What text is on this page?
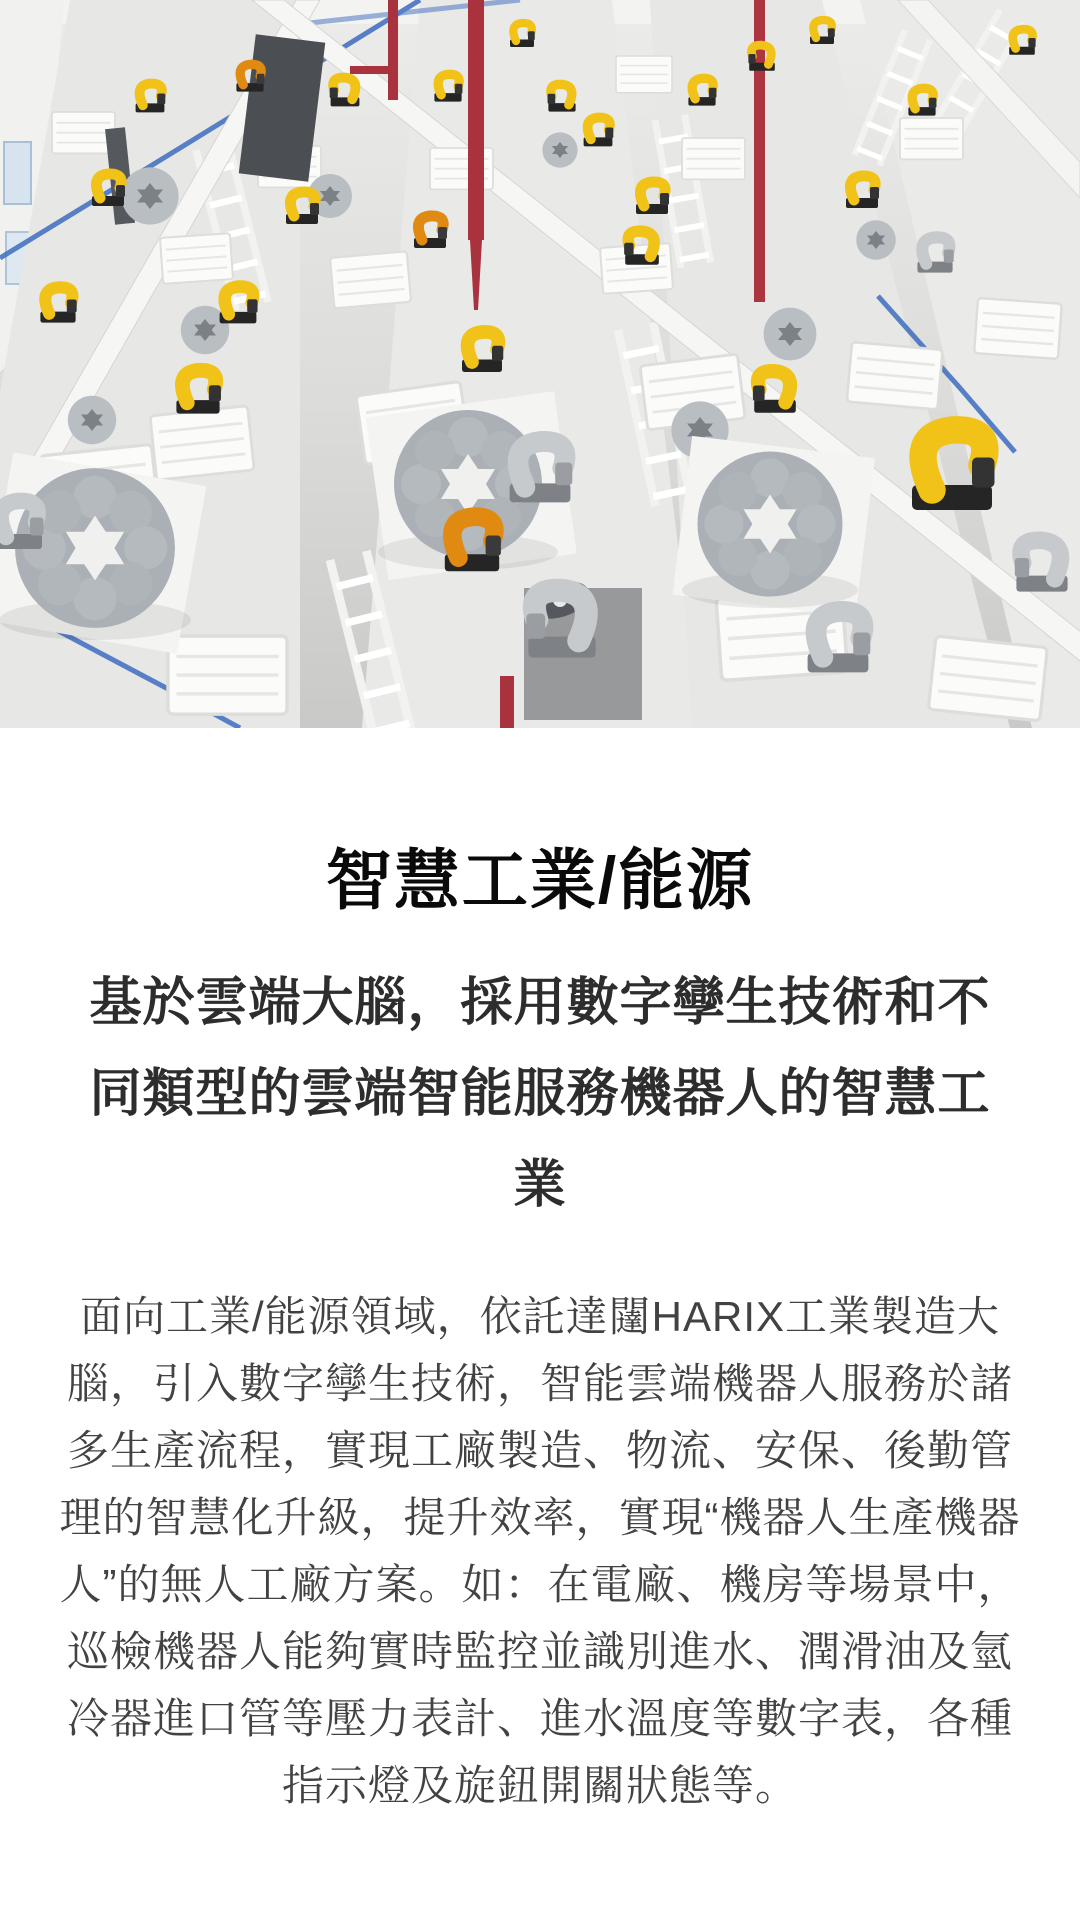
智慧工業/能源
基於雲端大腦，採用數字孿生技術和不同類型的雲端智能服務機器人的智慧工業

面向工業/能源領域，依託達闥HARIX工業製造大腦，引入數字孿生技術，智能雲端機器人服務於諸多生產流程，實現工廠製造、物流、安保、後勤管理的智慧化升級，提升效率，實現“機器人生產機器人”的無人工廠方案。如：在電廠、機房等場景中，巡檢機器人能夠實時監控並識別進水、潤滑油及氫冷器進口管等壓力表計、進水溫度等數字表，各種指示燈及旋鈕開關狀態等。
